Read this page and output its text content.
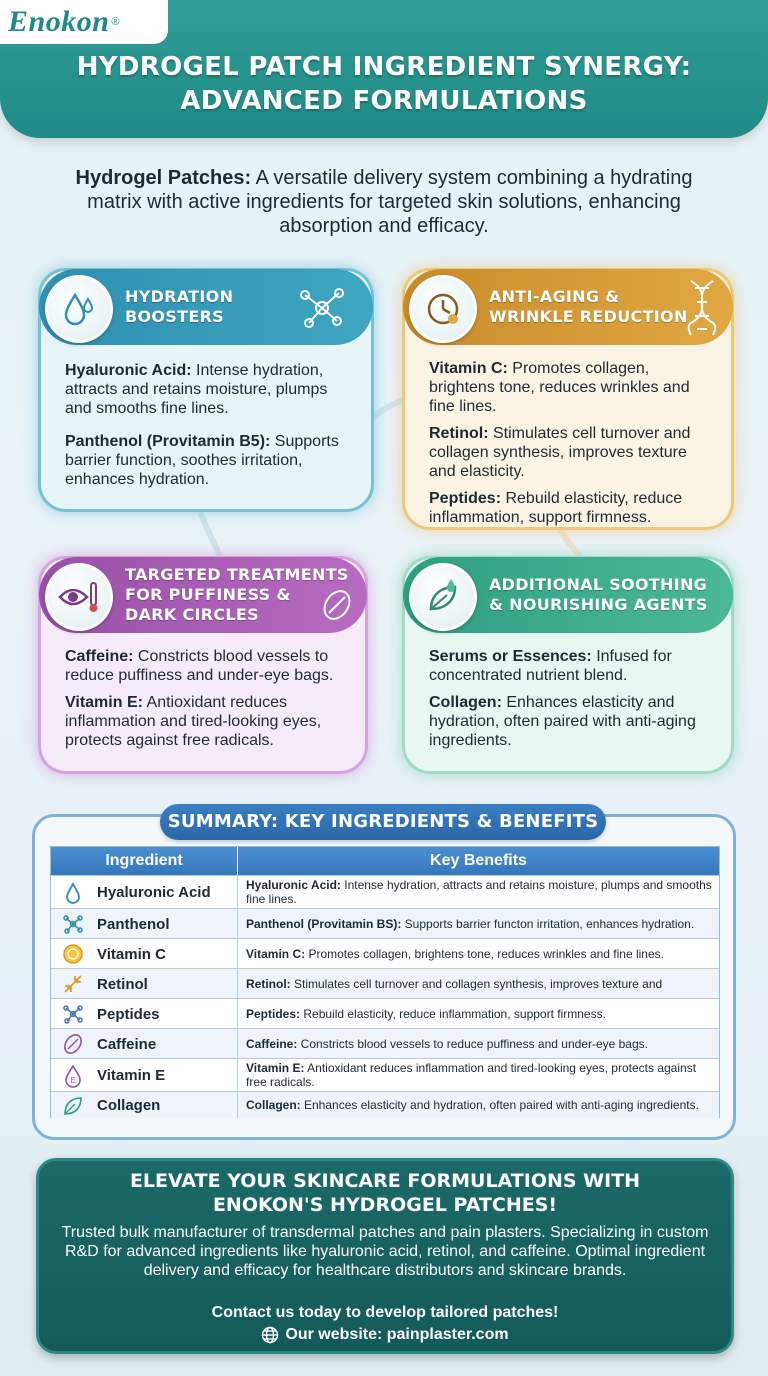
Enokon ®
HYDROGEL PATCH INGREDIENT SYNERGY:
ADVANCED FORMULATIONS
Hydrogel Patches: A versatile delivery system combining a hydrating matrix with active ingredients for targeted skin solutions, enhancing absorption and efficacy.
HYDRATION
BOOSTERS

Hyaluronic Acid: Intense hydration, attracts and retains moisture, plumps and smooths fine lines.

Panthenol (Provitamin B5): Supports barrier function, soothes irritation, enhances hydration.

ANTI-AGING &
WRINKLE REDUCTION

Vitamin C: Promotes collagen, brightens tone, reduces wrinkles and fine lines.

Retinol: Stimulates cell turnover and collagen synthesis, improves texture and elasticity.

Peptides: Rebuild elasticity, reduce inflammation, support firmness.

TARGETED TREATMENTS
FOR PUFFINESS &
DARK CIRCLES

Caffeine: Constricts blood vessels to reduce puffiness and under-eye bags.

Vitamin E: Antioxidant reduces inflammation and tired-looking eyes, protects against free radicals.

ADDITIONAL SOOTHING
& NOURISHING AGENTS

Serums or Essences: Infused for concentrated nutrient blend.

Collagen: Enhances elasticity and hydration, often paired with anti-aging ingredients.

SUMMARY: KEY INGREDIENTS & BENEFITS
Ingredient	Key Benefits
Hyaluronic Acid	Hyaluronic Acid: Intense hydration, attracts and retains moisture, plumps and smooths fine lines.
Panthenol	Panthenol (Provitamin BS): Supports barrier functon irritation, enhances hydration.
Vitamin C	Vitamin C: Promotes collagen, brightens tone, reduces wrinkles and fine lines.
Retinol	Retinol: Stimulates cell turnover and collagen synthesis, improves texture and
Peptides	Peptides: Rebuild elasticity, reduce inflammation, support firmness.
Caffeine	Caffeine: Constricts blood vessels to reduce puffiness and under-eye bags.
E Vitamin E	Vitamin E: Antioxidant reduces inflammation and tired-looking eyes, protects against free radicals.
Collagen	Collagen: Enhances elasticity and hydration, often paired with anti-aging ingredients.
ELEVATE YOUR SKINCARE FORMULATIONS WITH
ENOKON'S HYDROGEL PATCHES!
Trusted bulk manufacturer of transdermal patches and pain plasters. Specializing in custom R&D for advanced ingredients like hyaluronic acid, retinol, and caffeine. Optimal ingredient delivery and efficacy for healthcare distributors and skincare brands.
Contact us today to develop tailored patches!
Our website: painplaster.com
